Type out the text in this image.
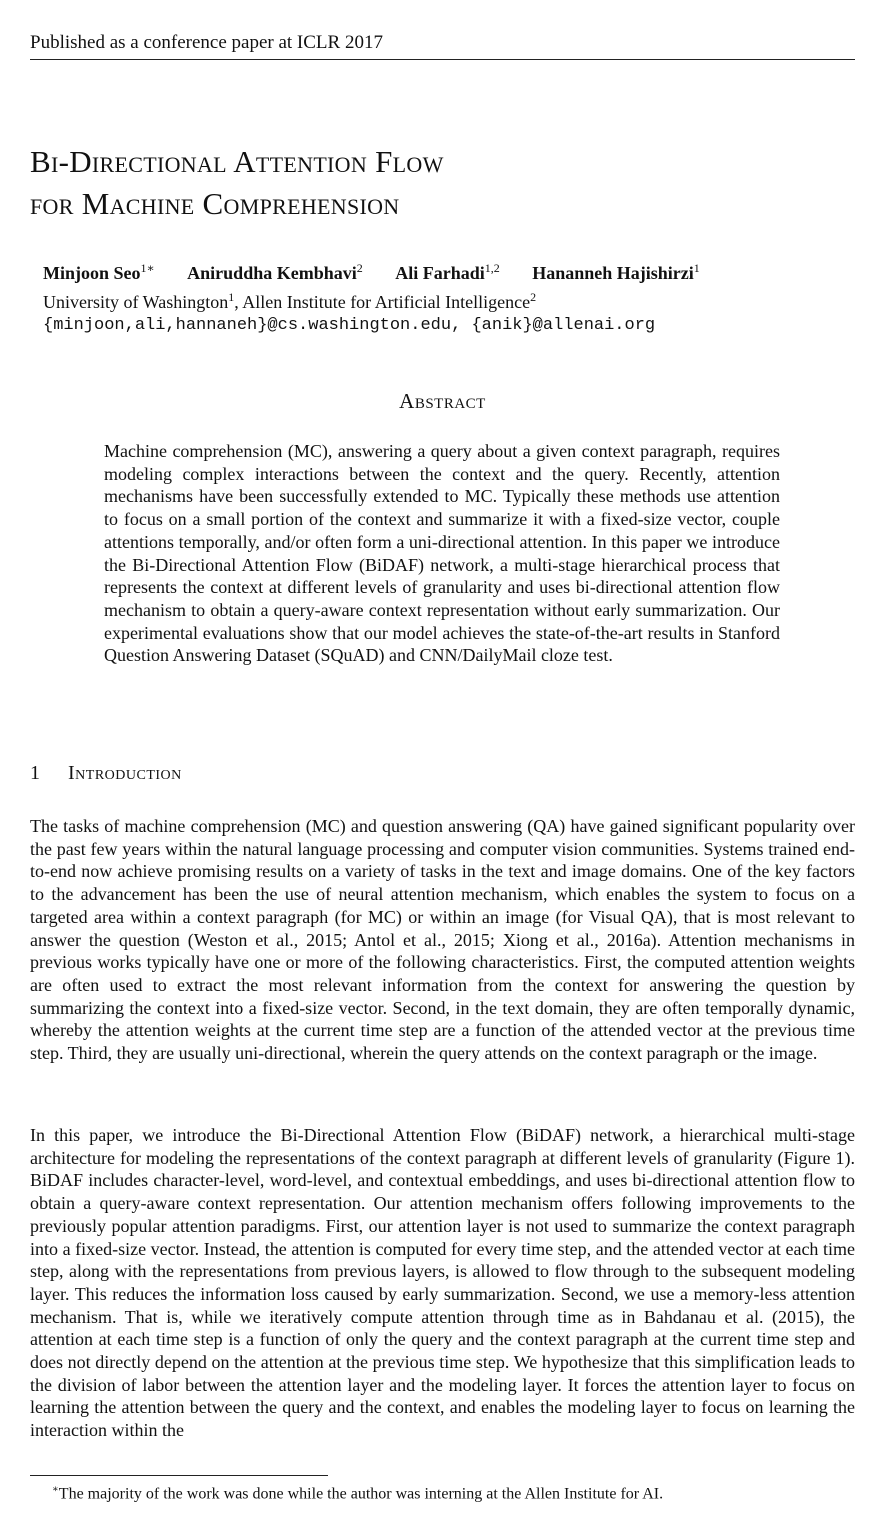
Published as a conference paper at ICLR 2017
Bi-Directional Attention Flow
for Machine Comprehension
Minjoon Seo$^{1∗}$ Aniruddha Kembhavi$^2$ Ali Farhadi$^{1,2}$ Hananneh Hajishirzi$^1$
University of Washington$^1$, Allen Institute for Artificial Intelligence$^2$
{minjoon,ali,hannaneh}@cs.washington.edu, {anik}@allenai.org
Abstract
Machine comprehension (MC), answering a query about a given context paragraph, requires modeling complex interactions between the context and the query. Recently, attention mechanisms have been successfully extended to MC. Typically these methods use attention to focus on a small portion of the context and summarize it with a fixed-size vector, couple attentions temporally, and/or often form a uni-directional attention. In this paper we introduce the Bi-Directional Attention Flow (BiDAF) network, a multi-stage hierarchical process that represents the context at different levels of granularity and uses bi-directional attention flow mechanism to obtain a query-aware context representation without early summarization. Our experimental evaluations show that our model achieves the state-of-the-art results in Stanford Question Answering Dataset (SQuAD) and CNN/DailyMail cloze test.
1 Introduction
The tasks of machine comprehension (MC) and question answering (QA) have gained significant popularity over the past few years within the natural language processing and computer vision communities. Systems trained end-to-end now achieve promising results on a variety of tasks in the text and image domains. One of the key factors to the advancement has been the use of neural attention mechanism, which enables the system to focus on a targeted area within a context paragraph (for MC) or within an image (for Visual QA), that is most relevant to answer the question (Weston et al., 2015; Antol et al., 2015; Xiong et al., 2016a). Attention mechanisms in previous works typically have one or more of the following characteristics. First, the computed attention weights are often used to extract the most relevant information from the context for answering the question by summarizing the context into a fixed-size vector. Second, in the text domain, they are often temporally dynamic, whereby the attention weights at the current time step are a function of the attended vector at the previous time step. Third, they are usually uni-directional, wherein the query attends on the context paragraph or the image.
In this paper, we introduce the Bi-Directional Attention Flow (BiDAF) network, a hierarchical multi-stage architecture for modeling the representations of the context paragraph at different levels of granularity (Figure 1). BiDAF includes character-level, word-level, and contextual embeddings, and uses bi-directional attention flow to obtain a query-aware context representation. Our attention mechanism offers following improvements to the previously popular attention paradigms. First, our attention layer is not used to summarize the context paragraph into a fixed-size vector. Instead, the attention is computed for every time step, and the attended vector at each time step, along with the representations from previous layers, is allowed to flow through to the subsequent modeling layer. This reduces the information loss caused by early summarization. Second, we use a memory-less attention mechanism. That is, while we iteratively compute attention through time as in Bahdanau et al. (2015), the attention at each time step is a function of only the query and the context paragraph at the current time step and does not directly depend on the attention at the previous time step. We hypothesize that this simplification leads to the division of labor between the attention layer and the modeling layer. It forces the attention layer to focus on learning the attention between the query and the context, and enables the modeling layer to focus on learning the interaction within the
∗The majority of the work was done while the author was interning at the Allen Institute for AI.
